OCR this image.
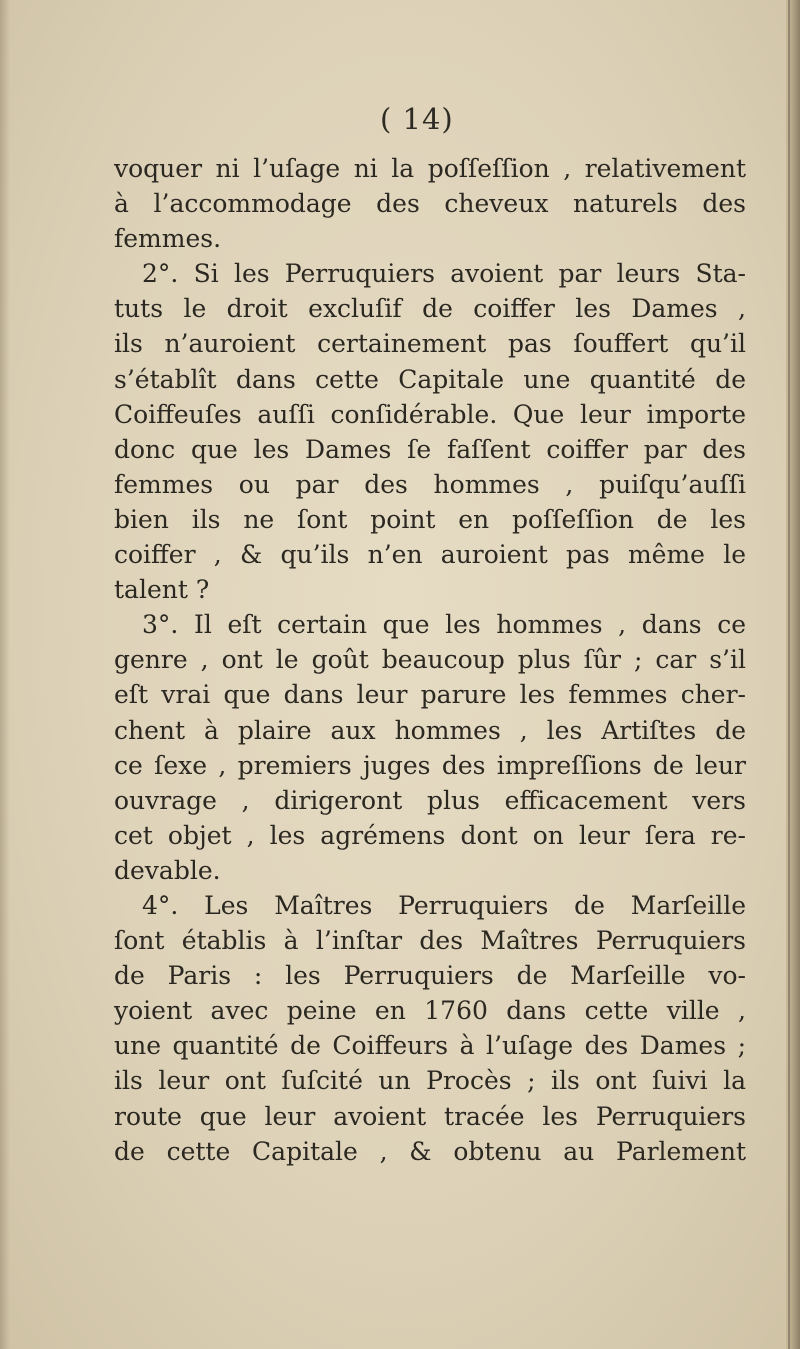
( 14)
voquer ni l’uſage ni la poſſeſſion , relativement
à l’accommodage des cheveux naturels des
femmes.
2°. Si les Perruquiers avoient par leurs Sta-
tuts le droit excluſif de coiffer les Dames ,
ils n’auroient certainement pas ſouffert qu’il
s’établît dans cette Capitale une quantité de
Coiffeuſes auſſi conſidérable. Que leur importe
donc que les Dames ſe faſſent coiffer par des
femmes ou par des hommes , puiſqu’auſſi
bien ils ne ſont point en poſſeſſion de les
coiffer , & qu’ils n’en auroient pas même le
talent ?
3°. Il eſt certain que les hommes , dans ce
genre , ont le goût beaucoup plus ſûr ; car s’il
eſt vrai que dans leur parure les femmes cher-
chent à plaire aux hommes , les Artiſtes de
ce ſexe , premiers juges des impreſſions de leur
ouvrage , dirigeront plus efficacement vers
cet objet , les agrémens dont on leur ſera re-
devable.
4°. Les Maîtres Perruquiers de Marſeille
ſont établis à l’inſtar des Maîtres Perruquiers
de Paris : les Perruquiers de Marſeille vo-
yoient avec peine en 1760 dans cette ville ,
une quantité de Coiffeurs à l’uſage des Dames ;
ils leur ont ſuſcité un Procès ; ils ont ſuivi la
route que leur avoient tracée les Perruquiers
de cette Capitale , & obtenu au Parlement
